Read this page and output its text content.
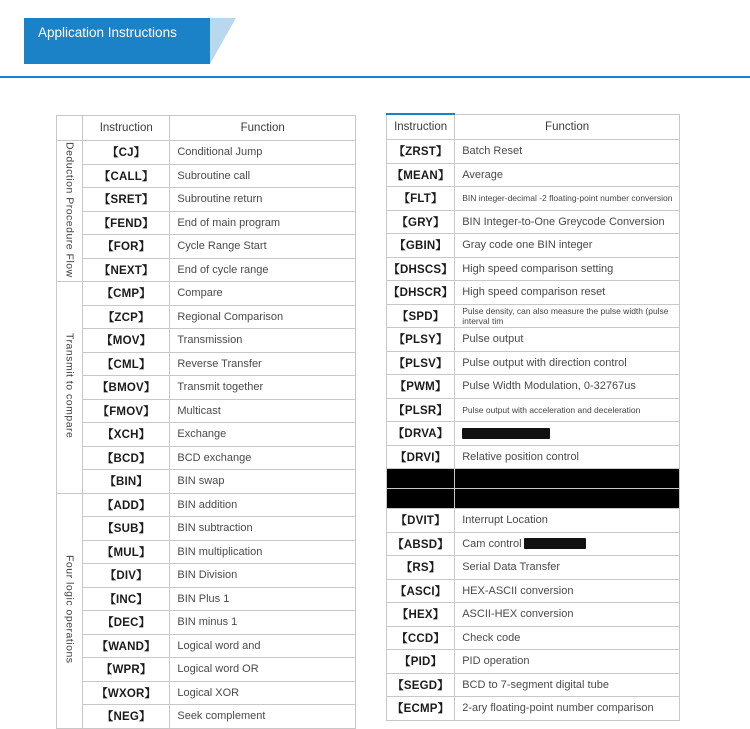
Application Instructions
	Instruction	Function
Deduction Procedure Flow	【CJ】	Conditional Jump
	【CALL】	Subroutine call
	【SRET】	Subroutine return
	【FEND】	End of main program
	【FOR】	Cycle Range Start
	【NEXT】	End of cycle range
Transmit to compare	【CMP】	Compare
	【ZCP】	Regional Comparison
	【MOV】	Transmission
	【CML】	Reverse Transfer
	【BMOV】	Transmit together
	【FMOV】	Multicast
	【XCH】	Exchange
	【BCD】	BCD exchange
	【BIN】	BIN swap
Four logic operations	【ADD】	BIN addition
	【SUB】	BIN subtraction
	【MUL】	BIN multiplication
	【DIV】	BIN Division
	【INC】	BIN Plus 1
	【DEC】	BIN minus 1
	【WAND】	Logical word and
	【WPR】	Logical word OR
	【WXOR】	Logical XOR
	【NEG】	Seek complement
Instruction	Function
【ZRST】	Batch Reset
【MEAN】	Average
【FLT】	BIN integer-decimal -2 floating-point number conversion
【GRY】	BIN Integer-to-One Greycode Conversion
【GBIN】	Gray code one BIN integer
【DHSCS】	High speed comparison setting
【DHSCR】	High speed comparison reset
【SPD】	Pulse density, can also measure the pulse width (pulse interval tim
【PLSY】	Pulse output
【PLSV】	Pulse output with direction control
【PWM】	Pulse Width Modulation, 0-32767us
【PLSR】	Pulse output with acceleration and deceleration
【DRVA】	
【DRVI】	Relative position control

【DVIT】	Interrupt Location
【ABSD】	Cam control
【RS】	Serial Data Transfer
【ASCI】	HEX-ASCII conversion
【HEX】	ASCII-HEX conversion
【CCD】	Check code
【PID】	PID operation
【SEGD】	BCD to 7-segment digital tube
【ECMP】	2-ary floating-point number comparison
